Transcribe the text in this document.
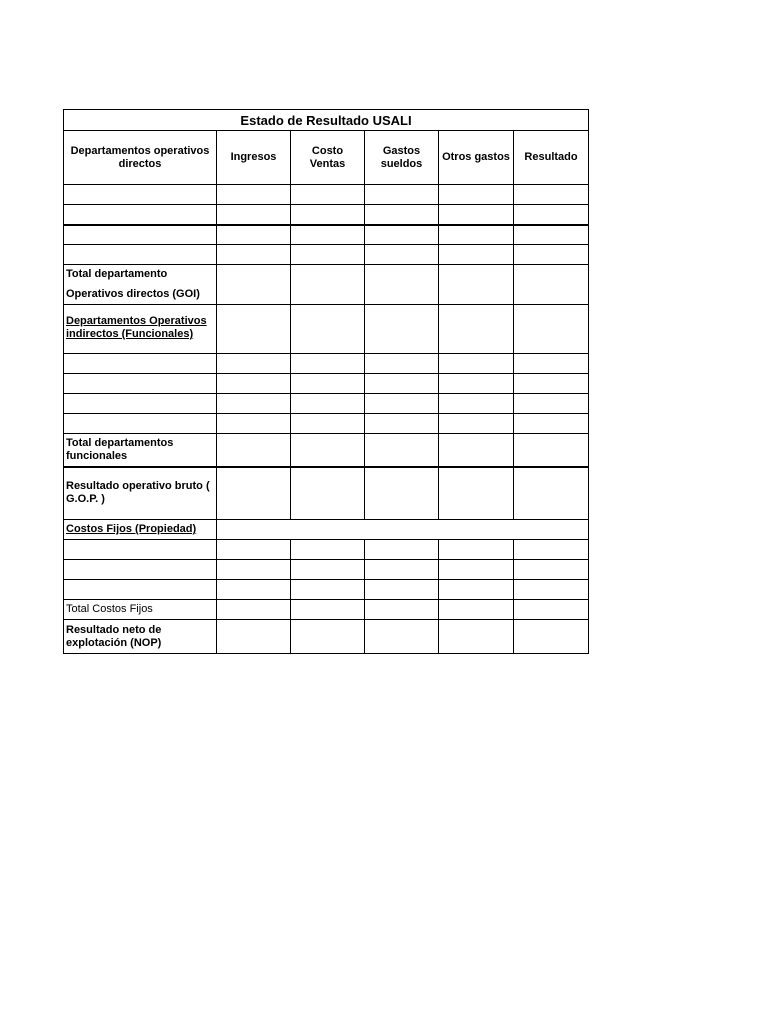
Estado de Resultado USALI					
Departamentos operativos directos	Ingresos	Costo Ventas	Gastos sueldos	Otros gastos	Resultado

Total departamento
Operativos directos (GOI)					

Departamentos Operativos indirectos (Funcionales)					

Total departamentos funcionales					
Resultado operativo bruto ( G.O.P. )					
Costos Fijos (Propiedad)					

Total Costos Fijos					
Resultado neto de explotación (NOP)					
